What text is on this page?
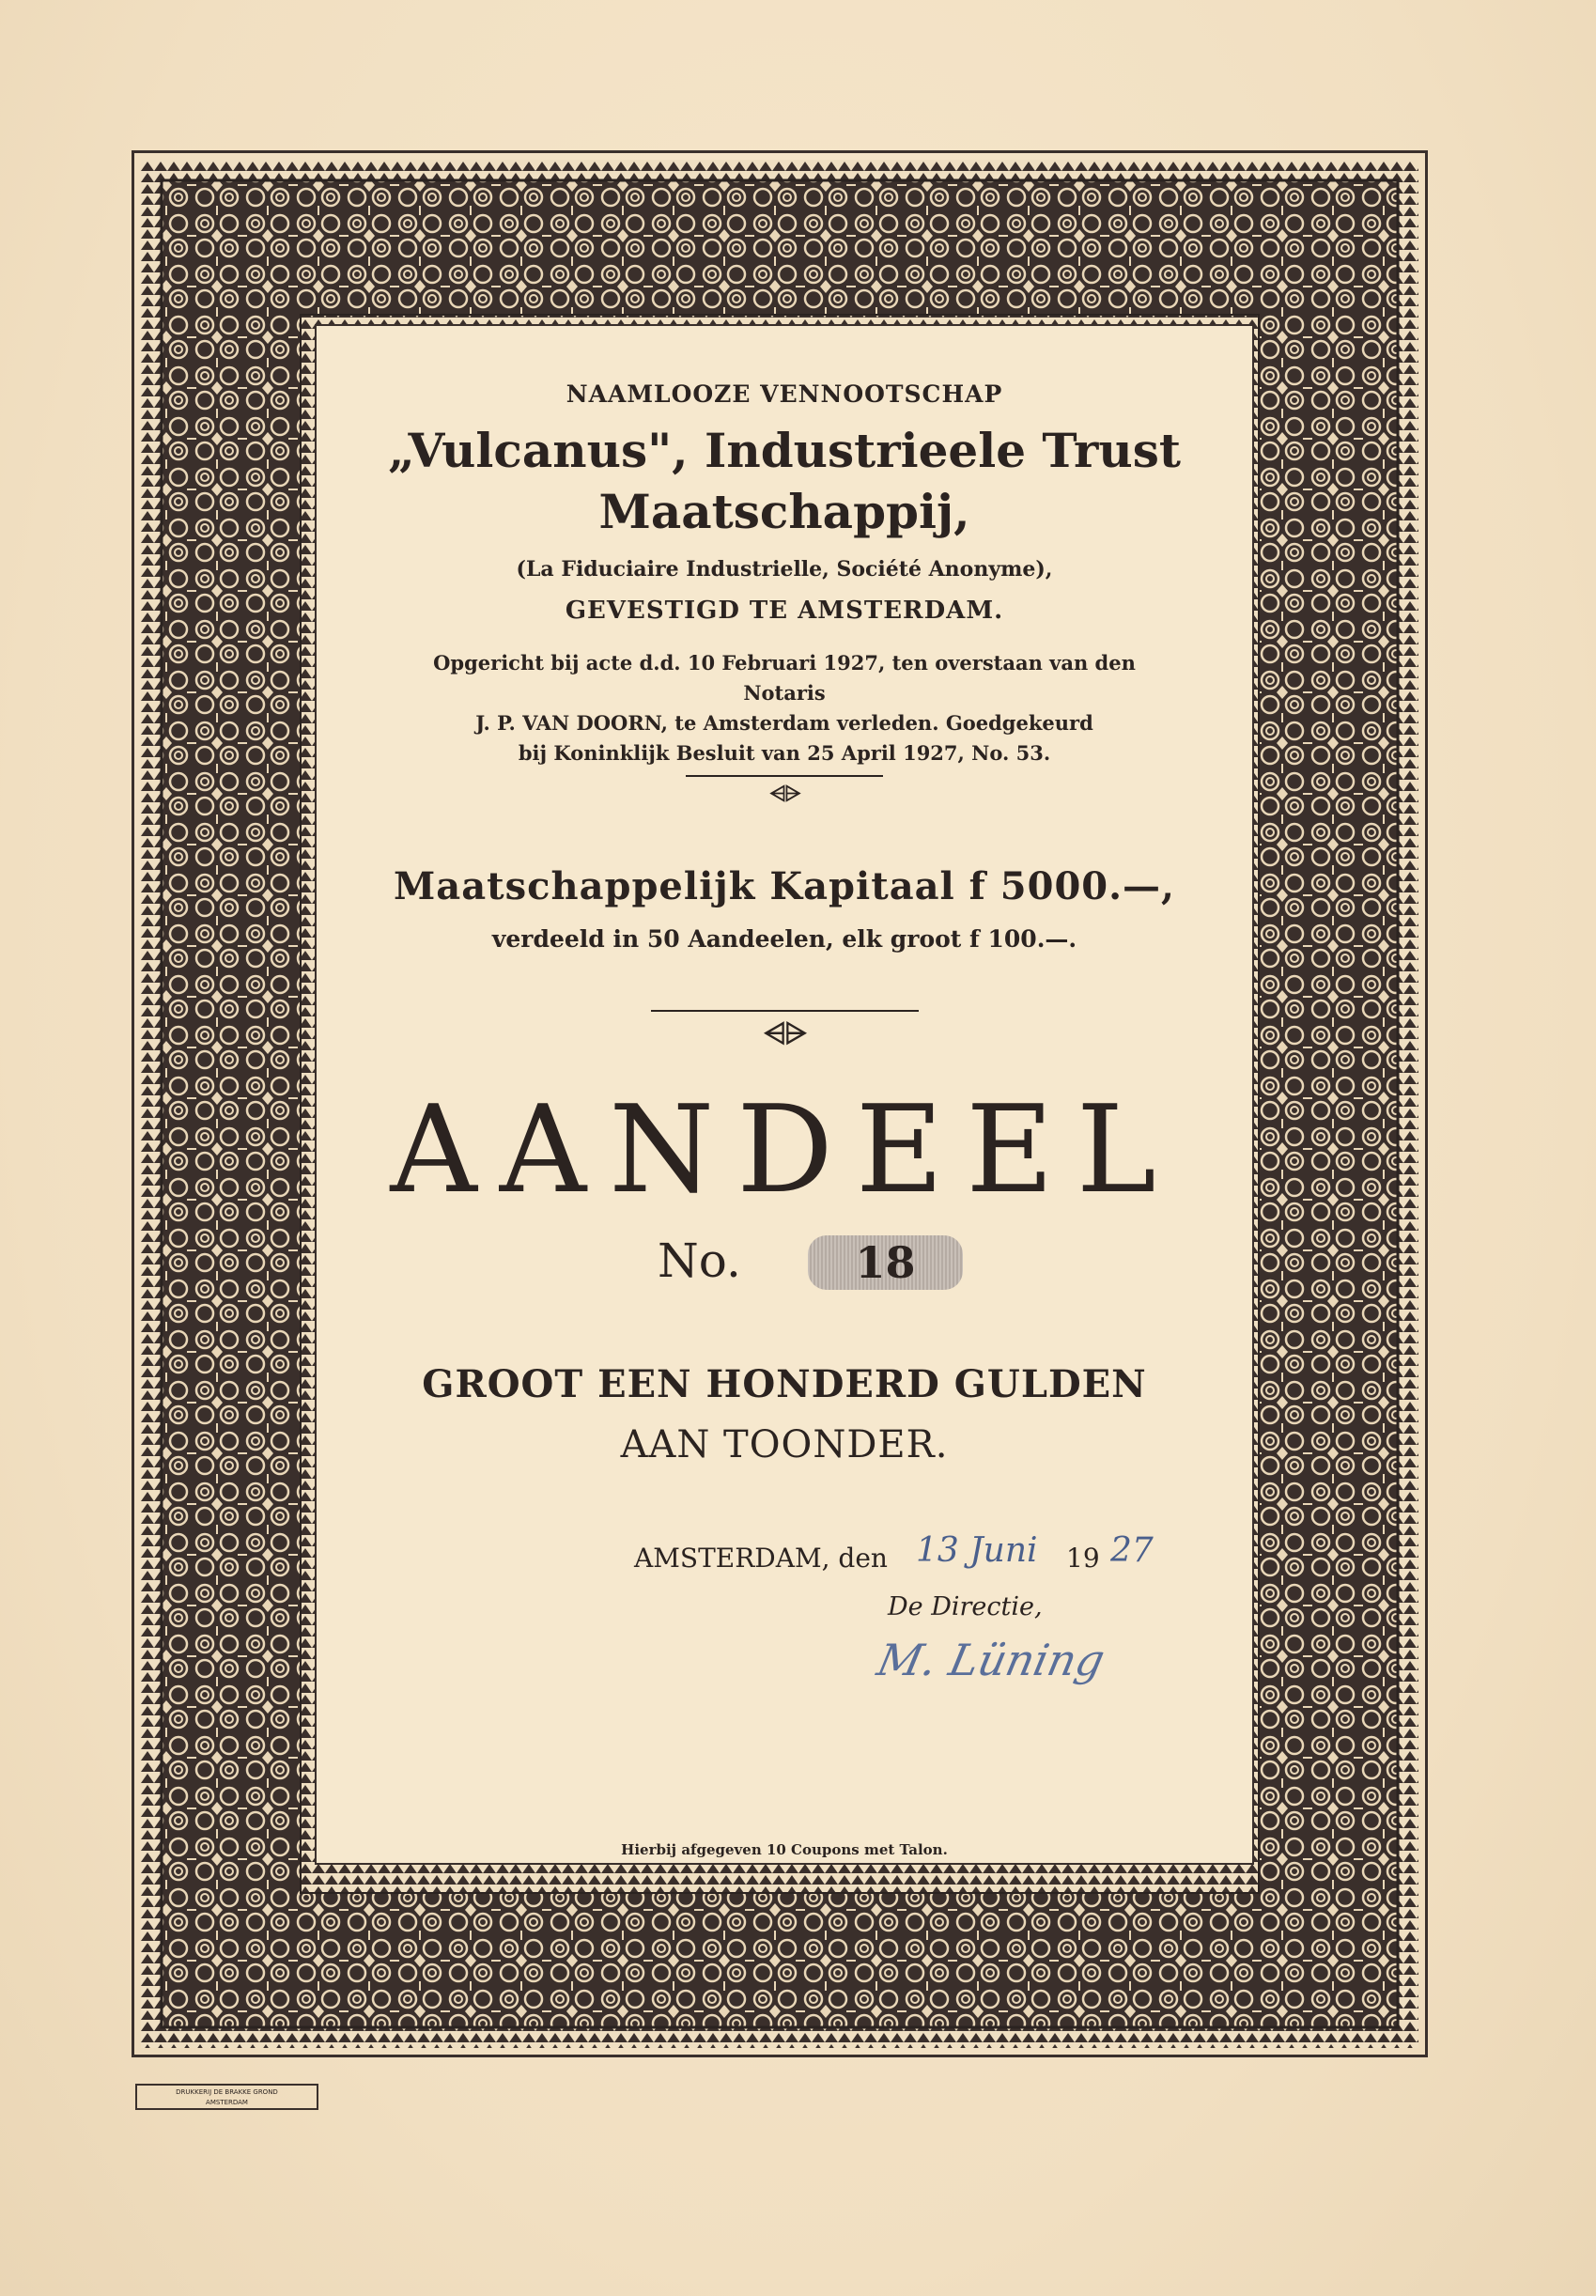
NAAMLOOZE VENNOOTSCHAP
„Vulcanus", Industrieele Trust
Maatschappij,
(La Fiduciaire Industrielle, Société Anonyme),
GEVESTIGD TE AMSTERDAM.
Opgericht bij acte d.d. 10 Februari 1927, ten overstaan van den Notaris
J. P. VAN DOORN, te Amsterdam verleden. Goedgekeurd
bij Koninklijk Besluit van 25 April 1927, No. 53.
⩤⩥
Maatschappelijk Kapitaal f 5000.—,
verdeeld in 50 Aandeelen, elk groot f 100.—.
⩤⩥
AANDEEL
No.	18
GROOT EEN HONDERD GULDEN
AAN TOONDER.
AMSTERDAM, den 13 Juni 19 27
De Directie,
M. Lüning
Hierbij afgegeven 10 Coupons met Talon.
DRUKKERIJ DE BRAKKE GROND
AMSTERDAM
